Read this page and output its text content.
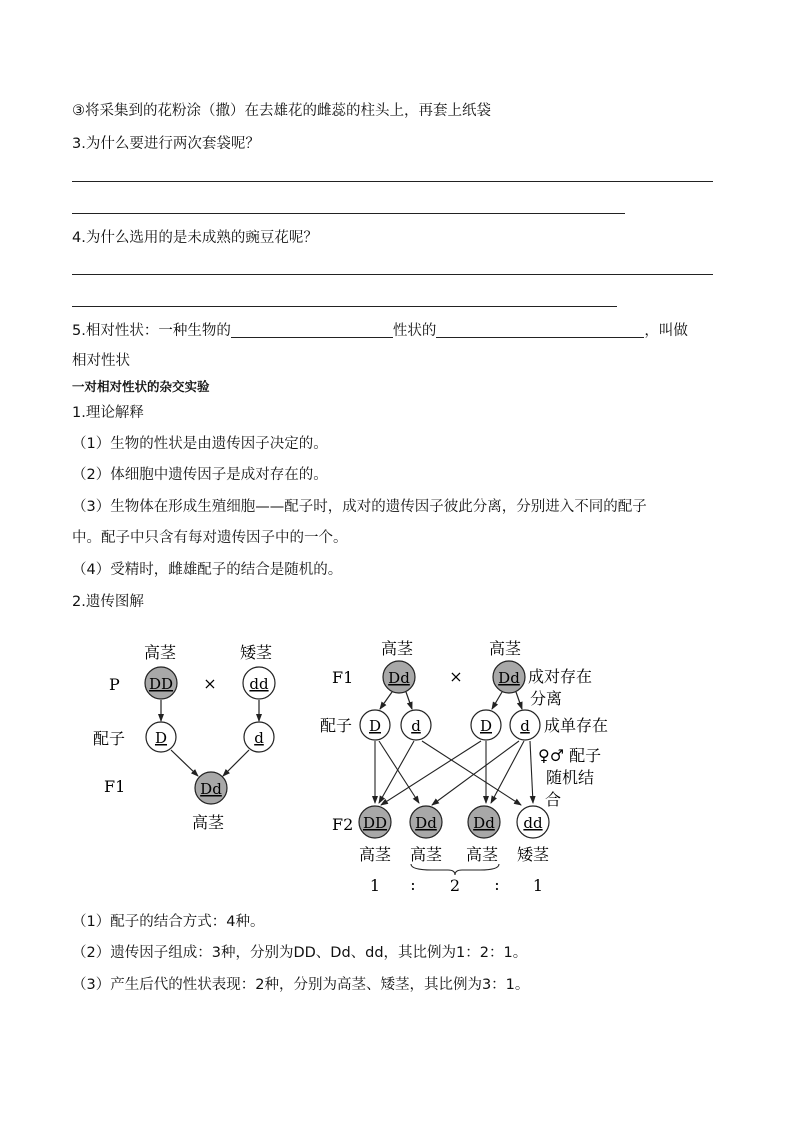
③将采集到的花粉涂（撒）在去雄花的雌蕊的柱头上，再套上纸袋
3.为什么要进行两次套袋呢？
4.为什么选用的是未成熟的豌豆花呢？
5.相对性状：一种生物的	性状的	，叫做
相对性状
一对相对性状的杂交实验
1.理论解释
（1）生物的性状是由遗传因子决定的。
（2）体细胞中遗传因子是成对存在的。
（3）生物体在形成生殖细胞——配子时，成对的遗传因子彼此分离，分别进入不同的配子
中。配子中只含有每对遗传因子中的一个。
（4）受精时，雌雄配子的结合是随机的。
2.遗传图解
高茎	矮茎
P DD × dd
配子 D	d
F1	Dd
高茎
高茎	高茎
F1 Dd × Dd 成对存在
分离
配子 D d	D d 成单存在
♀♂ 配子
随机结
合
F2 DD Dd Dd dd
高茎 高茎 高茎 矮茎
1 : 2 : 1
（1）配子的结合方式：4种。
（2）遗传因子组成：3种，分别为DD、Dd、dd，其比例为1：2：1。
（3）产生后代的性状表现：2种，分别为高茎、矮茎，其比例为3：1。
